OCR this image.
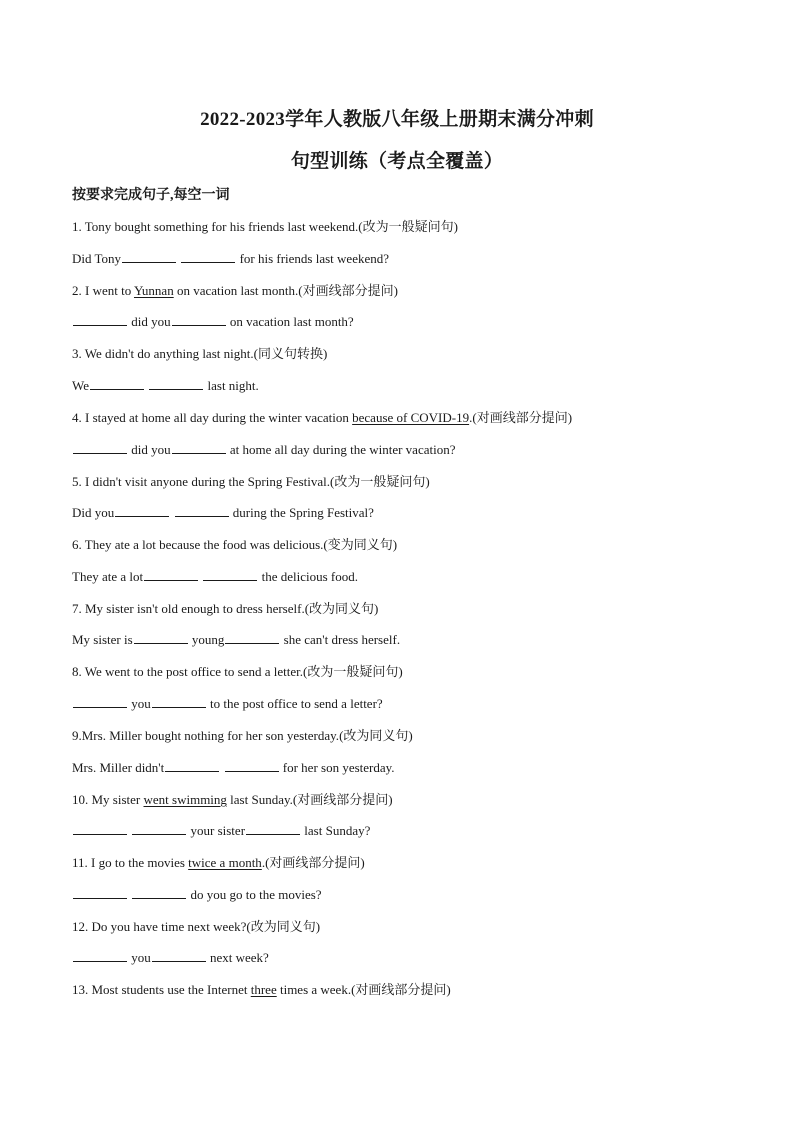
2022-2023学年人教版八年级上册期末满分冲刺
句型训练（考点全覆盖）
按要求完成句子,每空一词
1. Tony bought something for his friends last weekend.(改为一般疑问句)
Did Tony	for his friends last weekend?
2. I went to Yunnan on vacation last month.(对画线部分提问)
did you	on vacation last month?
3. We didn't do anything last night.(同义句转换)
We	last night.
4. I stayed at home all day during the winter vacation because of COVID-19.(对画线部分提问)
did you	at home all day during the winter vacation?
5. I didn't visit anyone during the Spring Festival.(改为一般疑问句)
Did you	during the Spring Festival?
6. They ate a lot because the food was delicious.(变为同义句)
They ate a lot	the delicious food.
7. My sister isn't old enough to dress herself.(改为同义句)
My sister is	young	she can't dress herself.
8. We went to the post office to send a letter.(改为一般疑问句)
you	to the post office to send a letter?
9.Mrs. Miller bought nothing for her son yesterday.(改为同义句)
Mrs. Miller didn't	for her son yesterday.
10. My sister went swimming last Sunday.(对画线部分提问)
your sister	last Sunday?
11. I go to the movies twice a month.(对画线部分提问)
do you go to the movies?
12. Do you have time next week?(改为同义句)
you	next week?
13. Most students use the Internet three times a week.(对画线部分提问)
